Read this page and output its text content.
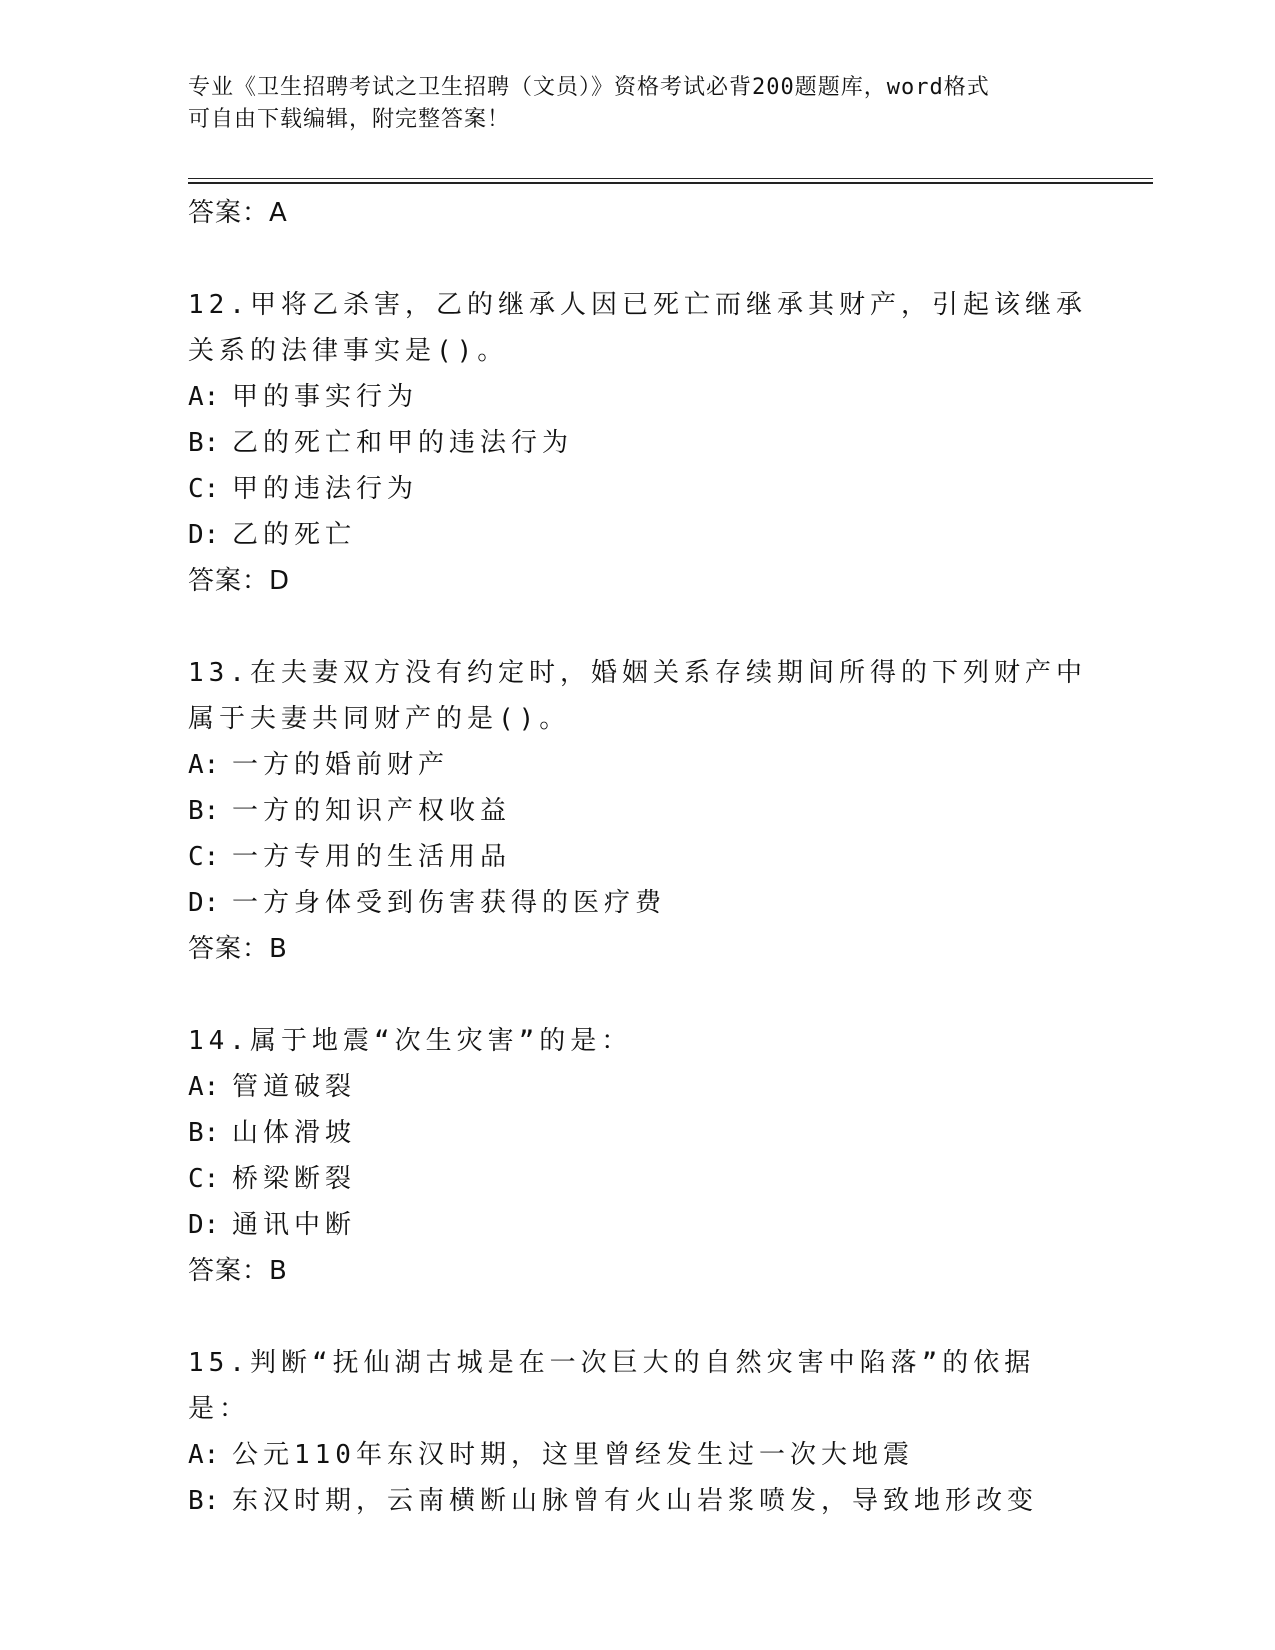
专业《卫生招聘考试之卫生招聘（文员）》资格考试必背200题题库，word格式
可自由下载编辑，附完整答案！
答案：A
12.甲将乙杀害，乙的继承人因已死亡而继承其财产，引起该继承关系的法律事实是()。
A: 甲的事实行为
B: 乙的死亡和甲的违法行为
C: 甲的违法行为
D: 乙的死亡
答案：D
13.在夫妻双方没有约定时，婚姻关系存续期间所得的下列财产中属于夫妻共同财产的是()。
A: 一方的婚前财产
B: 一方的知识产权收益
C: 一方专用的生活用品
D: 一方身体受到伤害获得的医疗费
答案：B
14.属于地震“次生灾害”的是：
A: 管道破裂
B: 山体滑坡
C: 桥梁断裂
D: 通讯中断
答案：B
15.判断“抚仙湖古城是在一次巨大的自然灾害中陷落”的依据是：
A: 公元110年东汉时期，这里曾经发生过一次大地震
B: 东汉时期，云南横断山脉曾有火山岩浆喷发，导致地形改变
